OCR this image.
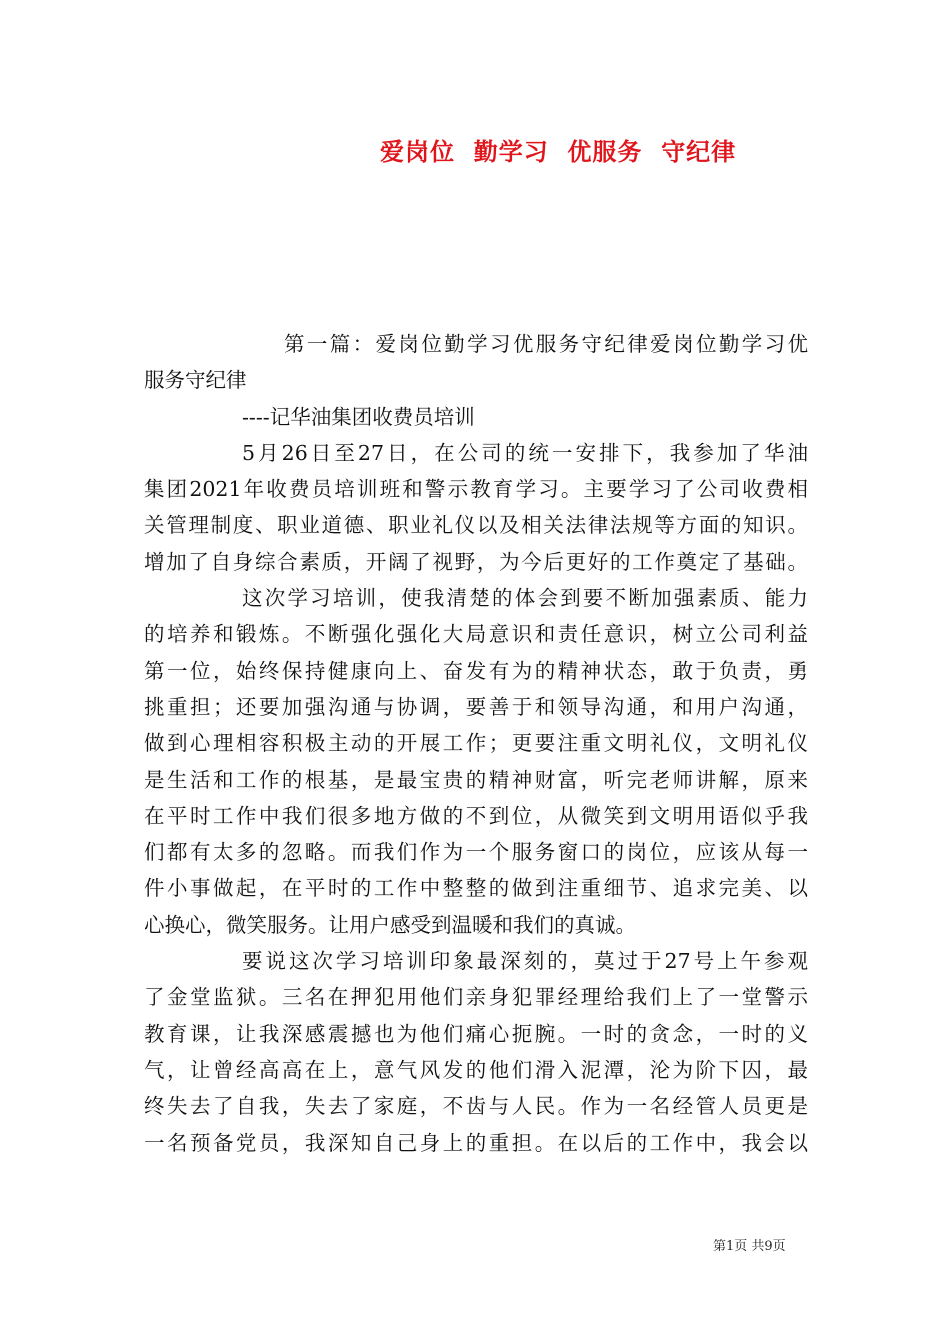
爱岗位  勤学习  优服务  守纪律
第一篇：爱岗位勤学习优服务守纪律爱岗位勤学习优
服务守纪律
----记华油集团收费员培训
5月26日至27日，在公司的统一安排下，我参加了华油
集团2021年收费员培训班和警示教育学习。主要学习了公司收费相
关管理制度、职业道德、职业礼仪以及相关法律法规等方面的知识。
增加了自身综合素质，开阔了视野，为今后更好的工作奠定了基础。
这次学习培训，使我清楚的体会到要不断加强素质、能力
的培养和锻炼。不断强化强化大局意识和责任意识，树立公司利益
第一位，始终保持健康向上、奋发有为的精神状态，敢于负责，勇
挑重担；还要加强沟通与协调，要善于和领导沟通，和用户沟通，
做到心理相容积极主动的开展工作；更要注重文明礼仪，文明礼仪
是生活和工作的根基，是最宝贵的精神财富，听完老师讲解，原来
在平时工作中我们很多地方做的不到位，从微笑到文明用语似乎我
们都有太多的忽略。而我们作为一个服务窗口的岗位，应该从每一
件小事做起，在平时的工作中整整的做到注重细节、追求完美、以
心换心，微笑服务。让用户感受到温暖和我们的真诚。
要说这次学习培训印象最深刻的，莫过于27号上午参观
了金堂监狱。三名在押犯用他们亲身犯罪经理给我们上了一堂警示
教育课，让我深感震撼也为他们痛心扼腕。一时的贪念，一时的义
气，让曾经高高在上，意气风发的他们滑入泥潭，沦为阶下囚，最
终失去了自我，失去了家庭，不齿与人民。作为一名经管人员更是
一名预备党员，我深知自己身上的重担。在以后的工作中，我会以
第1页 共9页
